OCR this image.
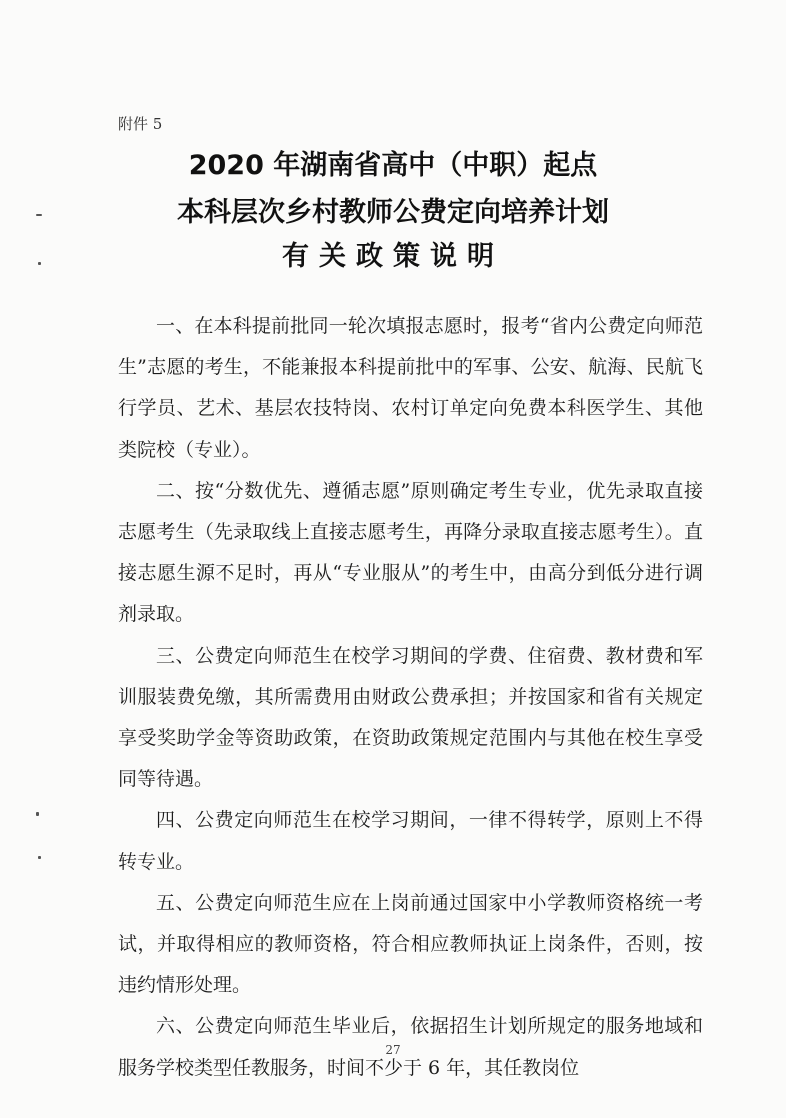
附件 5
2020 年湖南省高中（中职）起点
本科层次乡村教师公费定向培养计划
有关政策说明

一、在本科提前批同一轮次填报志愿时，报考“省内公费定向师范生”志愿的考生，不能兼报本科提前批中的军事、公安、航海、民航飞行学员、艺术、基层农技特岗、农村订单定向免费本科医学生、其他类院校（专业）。

二、按“分数优先、遵循志愿”原则确定考生专业，优先录取直接志愿考生（先录取线上直接志愿考生，再降分录取直接志愿考生）。直接志愿生源不足时，再从“专业服从”的考生中，由高分到低分进行调剂录取。

三、公费定向师范生在校学习期间的学费、住宿费、教材费和军训服装费免缴，其所需费用由财政公费承担；并按国家和省有关规定享受奖助学金等资助政策，在资助政策规定范围内与其他在校生享受同等待遇。

四、公费定向师范生在校学习期间，一律不得转学，原则上不得转专业。

五、公费定向师范生应在上岗前通过国家中小学教师资格统一考试，并取得相应的教师资格，符合相应教师执证上岗条件，否则，按违约情形处理。

六、公费定向师范生毕业后，依据招生计划所规定的服务地域和服务学校类型任教服务，时间不少于 6 年，其任教岗位

27
